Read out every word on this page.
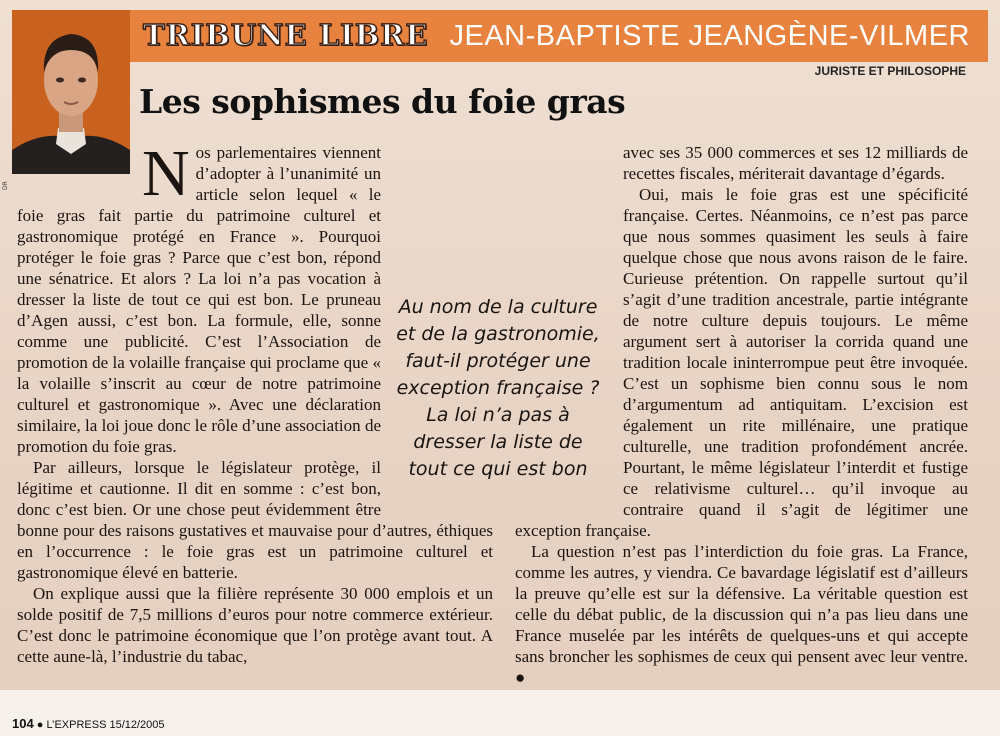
DR
TRIBUNE LIBRE JEAN-BAPTISTE JEANGÈNE-VILMER
JURISTE ET PHILOSOPHE
Les sophismes du foie gras
N os parlementaires viennent d’adopter à l’unanimité un article selon lequel « le foie gras fait partie du patrimoine culturel et gastronomique protégé en France ». Pourquoi protéger le foie gras ? Parce que c’est bon, répond une sénatrice. Et alors ? La loi n’a pas vocation à dresser la liste de tout ce qui est bon. Le pruneau d’Agen aussi, c’est bon. La formule, elle, sonne comme une publicité. C’est l’Association de promotion de la volaille française qui proclame que « la volaille s’inscrit au cœur de notre patrimoine culturel et gastronomique ». Avec une déclaration similaire, la loi joue donc le rôle d’une association de promotion du foie gras.

Par ailleurs, lorsque le législateur protège, il légitime et cautionne. Il dit en somme : c’est bon, donc c’est bien. Or une chose peut évidemment être bonne pour des raisons gustatives et mauvaise pour d’autres, éthiques en l’occurrence : le foie gras est un patrimoine culturel et gastronomique élevé en batterie.

On explique aussi que la filière représente 30 000 emplois et un solde positif de 7,5 millions d’euros pour notre commerce extérieur. C’est donc le patrimoine économique que l’on protège avant tout. A cette aune-là, l’industrie du tabac,

avec ses 35 000 commerces et ses 12 milliards de recettes fiscales, mériterait davantage d’égards.

Oui, mais le foie gras est une spécificité française. Certes. Néanmoins, ce n’est pas parce que nous sommes quasiment les seuls à faire quelque chose que nous avons raison de le faire. Curieuse prétention. On rappelle surtout qu’il s’agit d’une tradition ancestrale, partie intégrante de notre culture depuis toujours. Le même argument sert à autoriser la corrida quand une tradition locale ininterrompue peut être invoquée. C’est un sophisme bien connu sous le nom d’argumentum ad antiquitam. L’excision est également un rite millénaire, une pratique culturelle, une tradition profondément ancrée. Pourtant, le même législateur l’interdit et fustige ce relativisme culturel… qu’il invoque au contraire quand il s’agit de légitimer une exception française.

La question n’est pas l’interdiction du foie gras. La France, comme les autres, y viendra. Ce bavardage législatif est d’ailleurs la preuve qu’elle est sur la défensive. La véritable question est celle du débat public, de la discussion qui n’a pas lieu dans une France muselée par les intérêts de quelques-uns et qui accepte sans broncher les sophismes de ceux qui pensent avec leur ventre. ●

Au nom de la culture et de la gastronomie, faut-il protéger une exception française ? La loi n’a pas à dresser la liste de tout ce qui est bon
104 ● L’EXPRESS 15/12/2005
